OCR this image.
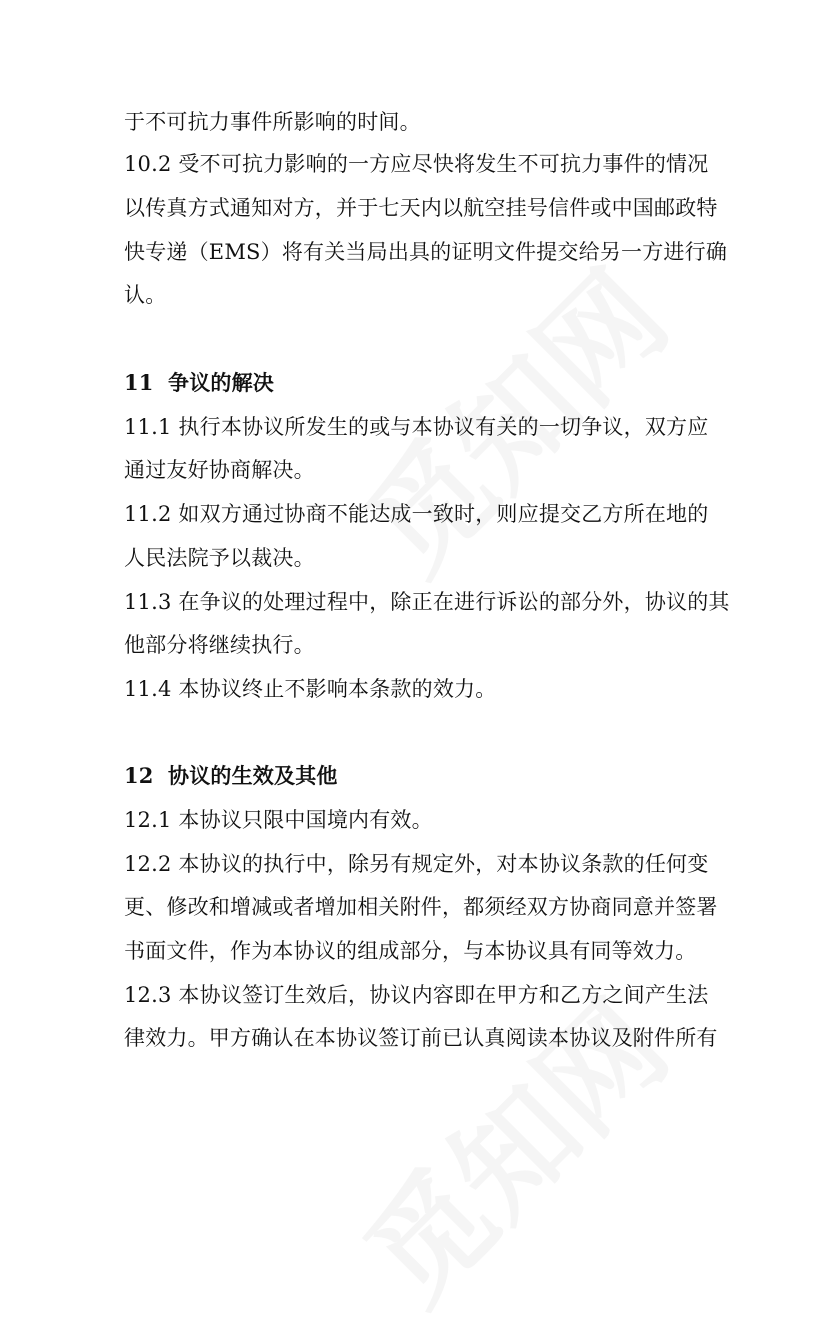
于不可抗力事件所影响的时间。
10.2 受不可抗力影响的一方应尽快将发生不可抗力事件的情况
以传真方式通知对方，并于七天内以航空挂号信件或中国邮政特
快专递（EMS）将有关当局出具的证明文件提交给另一方进行确
认。
11 争议的解决
11.1 执行本协议所发生的或与本协议有关的一切争议，双方应
通过友好协商解决。
11.2 如双方通过协商不能达成一致时，则应提交乙方所在地的
人民法院予以裁决。
11.3 在争议的处理过程中，除正在进行诉讼的部分外，协议的其
他部分将继续执行。
11.4 本协议终止不影响本条款的效力。
12 协议的生效及其他
12.1 本协议只限中国境内有效。
12.2 本协议的执行中，除另有规定外，对本协议条款的任何变
更、修改和增减或者增加相关附件，都须经双方协商同意并签署
书面文件，作为本协议的组成部分，与本协议具有同等效力。
12.3 本协议签订生效后，协议内容即在甲方和乙方之间产生法
律效力。甲方确认在本协议签订前已认真阅读本协议及附件所有
